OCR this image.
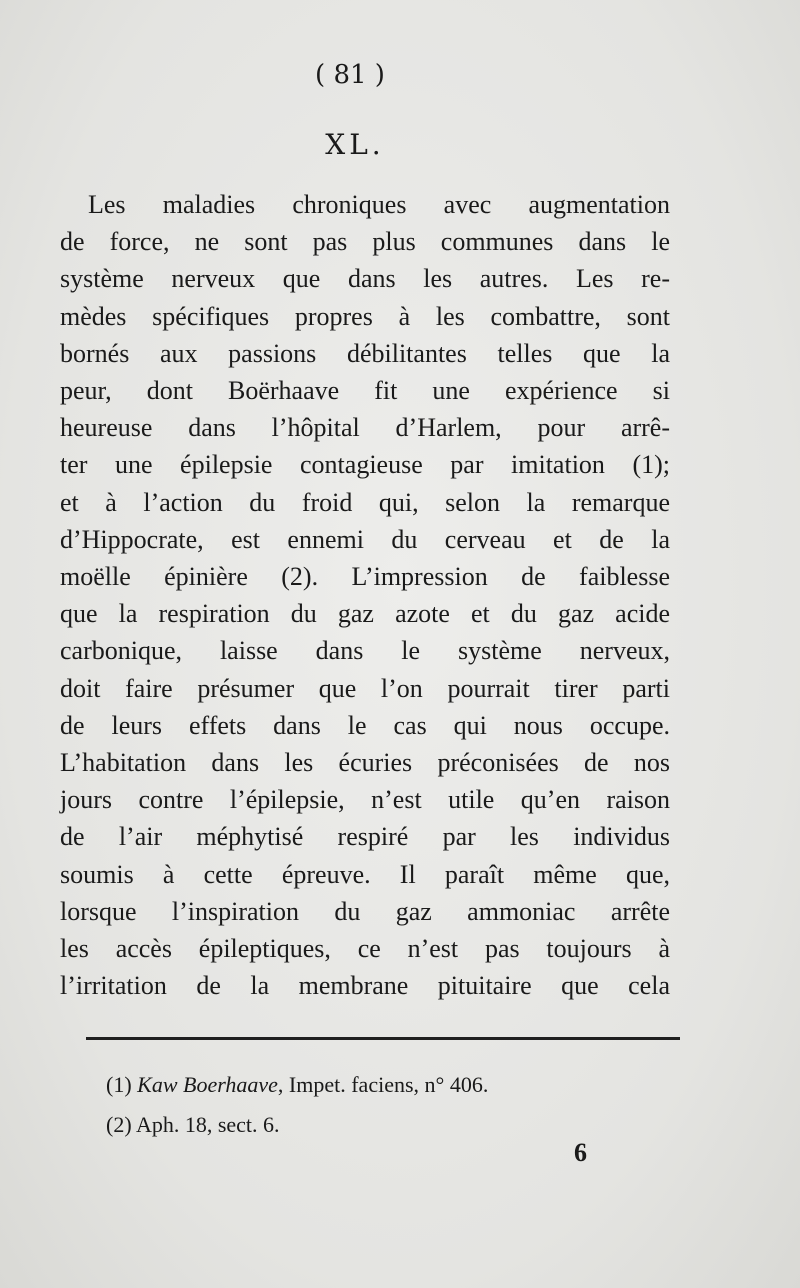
( 81 )
XL.
Les maladies chroniques avec augmentation
de force, ne sont pas plus communes dans le
système nerveux que dans les autres. Les re-
mèdes spécifiques propres à les combattre, sont
bornés aux passions débilitantes telles que la
peur, dont Boërhaave fit une expérience si
heureuse dans l’hôpital d’Harlem, pour arrê-
ter une épilepsie contagieuse par imitation (1);
et à l’action du froid qui, selon la remarque
d’Hippocrate, est ennemi du cerveau et de la
moëlle épinière (2). L’impression de faiblesse
que la respiration du gaz azote et du gaz acide
carbonique, laisse dans le système nerveux,
doit faire présumer que l’on pourrait tirer parti
de leurs effets dans le cas qui nous occupe.
L’habitation dans les écuries préconisées de nos
jours contre l’épilepsie, n’est utile qu’en raison
de l’air méphytisé respiré par les individus
soumis à cette épreuve. Il paraît même que,
lorsque l’inspiration du gaz ammoniac arrête
les accès épileptiques, ce n’est pas toujours à
l’irritation de la membrane pituitaire que cela
(1) Kaw Boerhaave, Impet. faciens, n° 406.
(2) Aph. 18, sect. 6.
6
